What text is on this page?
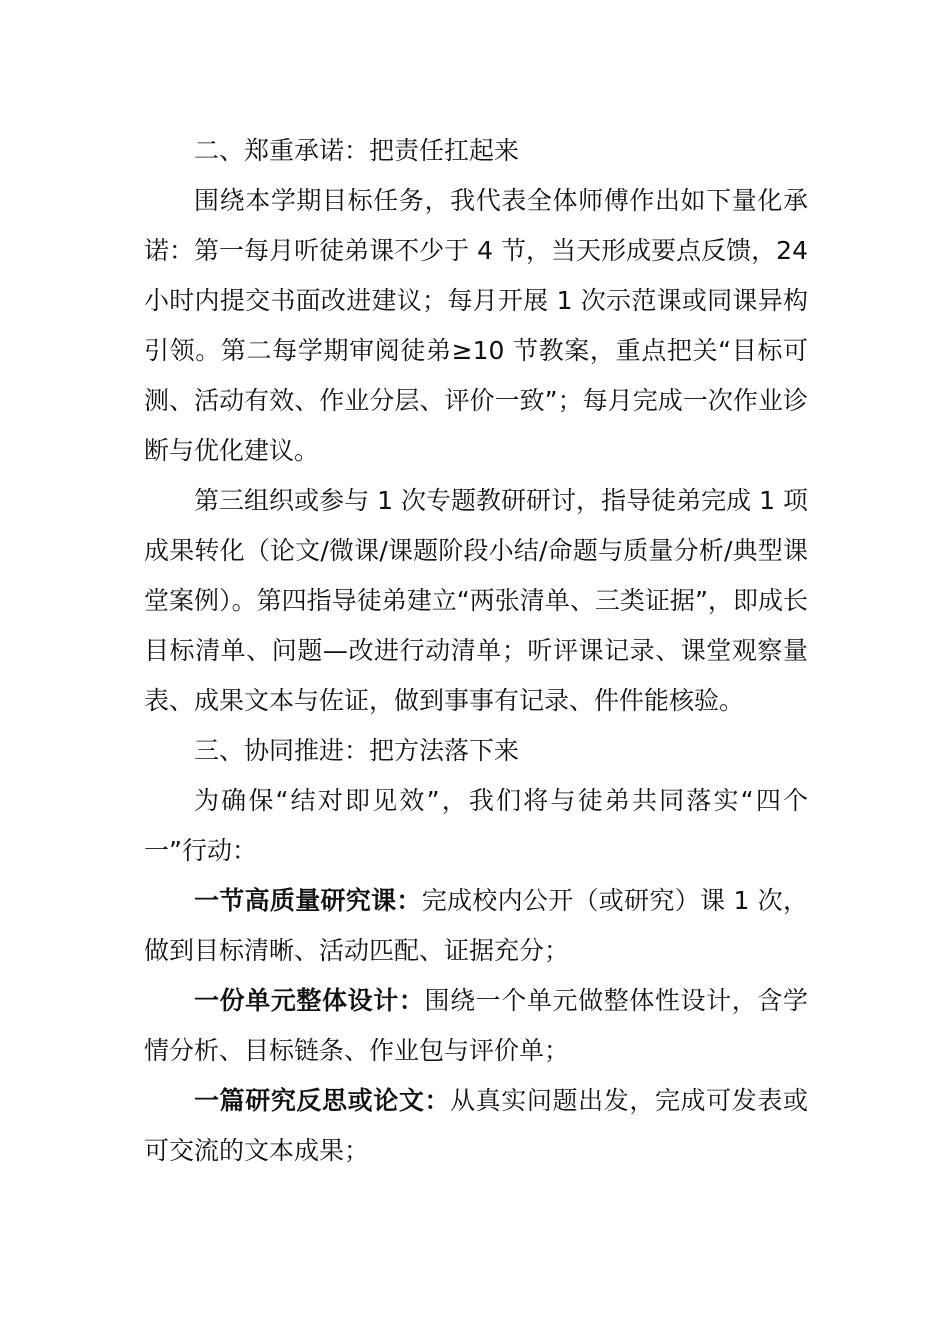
二、郑重承诺：把责任扛起来

围绕本学期目标任务，我代表全体师傅作出如下量化承诺：第一每月听徒弟课不少于 4 节，当天形成要点反馈，24 小时内提交书面改进建议；每月开展 1 次示范课或同课异构引领。第二每学期审阅徒弟≥10 节教案，重点把关“目标可测、活动有效、作业分层、评价一致”；每月完成一次作业诊断与优化建议。

第三组织或参与 1 次专题教研研讨，指导徒弟完成 1 项成果转化（论文/微课/课题阶段小结/命题与质量分析/典型课堂案例）。第四指导徒弟建立“两张清单、三类证据”，即成长目标清单、问题—改进行动清单；听评课记录、课堂观察量表、成果文本与佐证，做到事事有记录、件件能核验。

三、协同推进：把方法落下来

为确保“结对即见效”，我们将与徒弟共同落实“四个一”行动：

一节高质量研究课：完成校内公开（或研究）课 1 次，做到目标清晰、活动匹配、证据充分；

一份单元整体设计：围绕一个单元做整体性设计，含学情分析、目标链条、作业包与评价单；

一篇研究反思或论文：从真实问题出发，完成可发表或可交流的文本成果；
